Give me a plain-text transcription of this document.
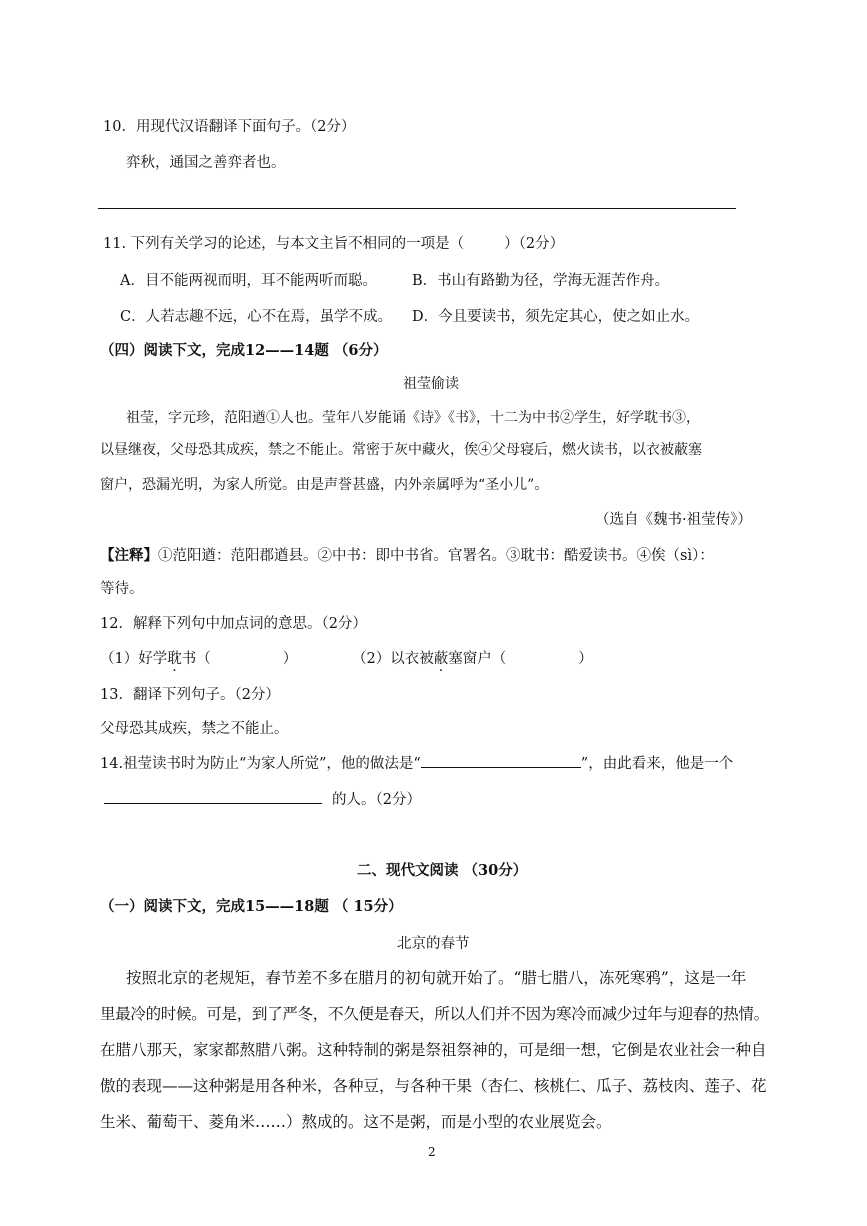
10．用现代汉语翻译下面句子。（2分）
弈秋，通国之善弈者也。
11. 下列有关学习的论述，与本文主旨不相同的一项是（	）（2分）
A．目不能两视而明，耳不能两听而聪。 B．书山有路勤为径，学海无涯苦作舟。
C．人若志趣不远，心不在焉，虽学不成。 D．今且要读书，须先定其心，使之如止水。
（四）阅读下文，完成12——14题 （6分）
祖莹偷读
祖莹，字元珍，范阳遒①人也。莹年八岁能诵《诗》《书》，十二为中书②学生，好学耽书③，
以昼继夜，父母恐其成疾，禁之不能止。常密于灰中藏火，俟④父母寝后，燃火读书，以衣被蔽塞
窗户，恐漏光明，为家人所觉。由是声誉甚盛，内外亲属呼为“圣小儿”。
（选自《魏书·祖莹传》）
【注释】①范阳遒：范阳郡遒县。②中书：即中书省。官署名。③耽书：酷爱读书。④俟（sì）：
等待。
12．解释下列句中加点词的意思。（2分）
（1）好学耽
·
书（	）	（2）以衣被蔽
·
塞窗户（	）
13．翻译下列句子。（2分）
父母恐其成疾，禁之不能止。
14.祖莹读书时为防止“为家人所觉”，他的做法是“	”，由此看来，他是一个
的人。（2分）
二、现代文阅读 （30分）
（一）阅读下文，完成15——18题 （ 15分）
北京的春节
按照北京的老规矩，春节差不多在腊月的初旬就开始了。“腊七腊八，冻死寒鸦”，这是一年
里最冷的时候。可是，到了严冬，不久便是春天，所以人们并不因为寒冷而减少过年与迎春的热情。
在腊八那天，家家都熬腊八粥。这种特制的粥是祭祖祭神的，可是细一想，它倒是农业社会一种自
傲的表现——这种粥是用各种米，各种豆，与各种干果（杏仁、核桃仁、瓜子、荔枝肉、莲子、花
生米、葡萄干、菱角米……）熬成的。这不是粥，而是小型的农业展览会。
2
